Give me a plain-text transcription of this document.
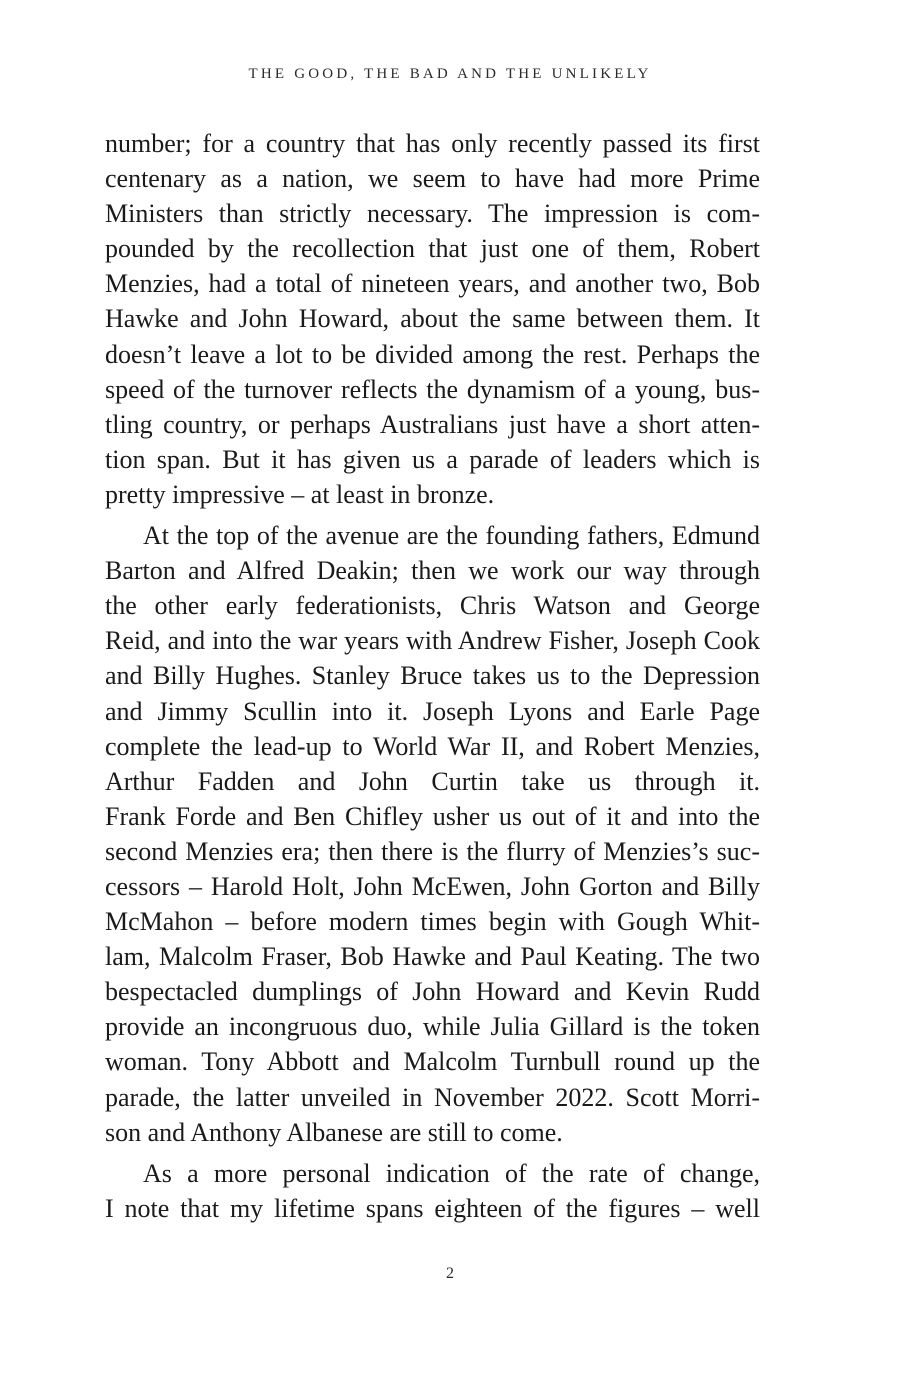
THE GOOD, THE BAD AND THE UNLIKELY
number; for a country that has only recently passed its first
centenary as a nation, we seem to have had more Prime
Ministers than strictly necessary. The impression is com-
pounded by the recollection that just one of them, Robert
Menzies, had a total of nineteen years, and another two, Bob
Hawke and John Howard, about the same between them. It
doesn’t leave a lot to be divided among the rest. Perhaps the
speed of the turnover reflects the dynamism of a young, bus-
tling country, or perhaps Australians just have a short atten-
tion span. But it has given us a parade of leaders which is
pretty impressive – at least in bronze.
At the top of the avenue are the founding fathers, Edmund
Barton and Alfred Deakin; then we work our way through
the other early federationists, Chris Watson and George
Reid, and into the war years with Andrew Fisher, Joseph Cook
and Billy Hughes. Stanley Bruce takes us to the Depression
and Jimmy Scullin into it. Joseph Lyons and Earle Page
complete the lead-up to World War II, and Robert Menzies,
Arthur Fadden and John Curtin take us through it.
Frank Forde and Ben Chifley usher us out of it and into the
second Menzies era; then there is the flurry of Menzies’s suc-
cessors – Harold Holt, John McEwen, John Gorton and Billy
McMahon – before modern times begin with Gough Whit-
lam, Malcolm Fraser, Bob Hawke and Paul Keating. The two
bespectacled dumplings of John Howard and Kevin Rudd
provide an incongruous duo, while Julia Gillard is the token
woman. Tony Abbott and Malcolm Turnbull round up the
parade, the latter unveiled in November 2022. Scott Morri-
son and Anthony Albanese are still to come.
As a more personal indication of the rate of change,
I note that my lifetime spans eighteen of the figures – well
2
